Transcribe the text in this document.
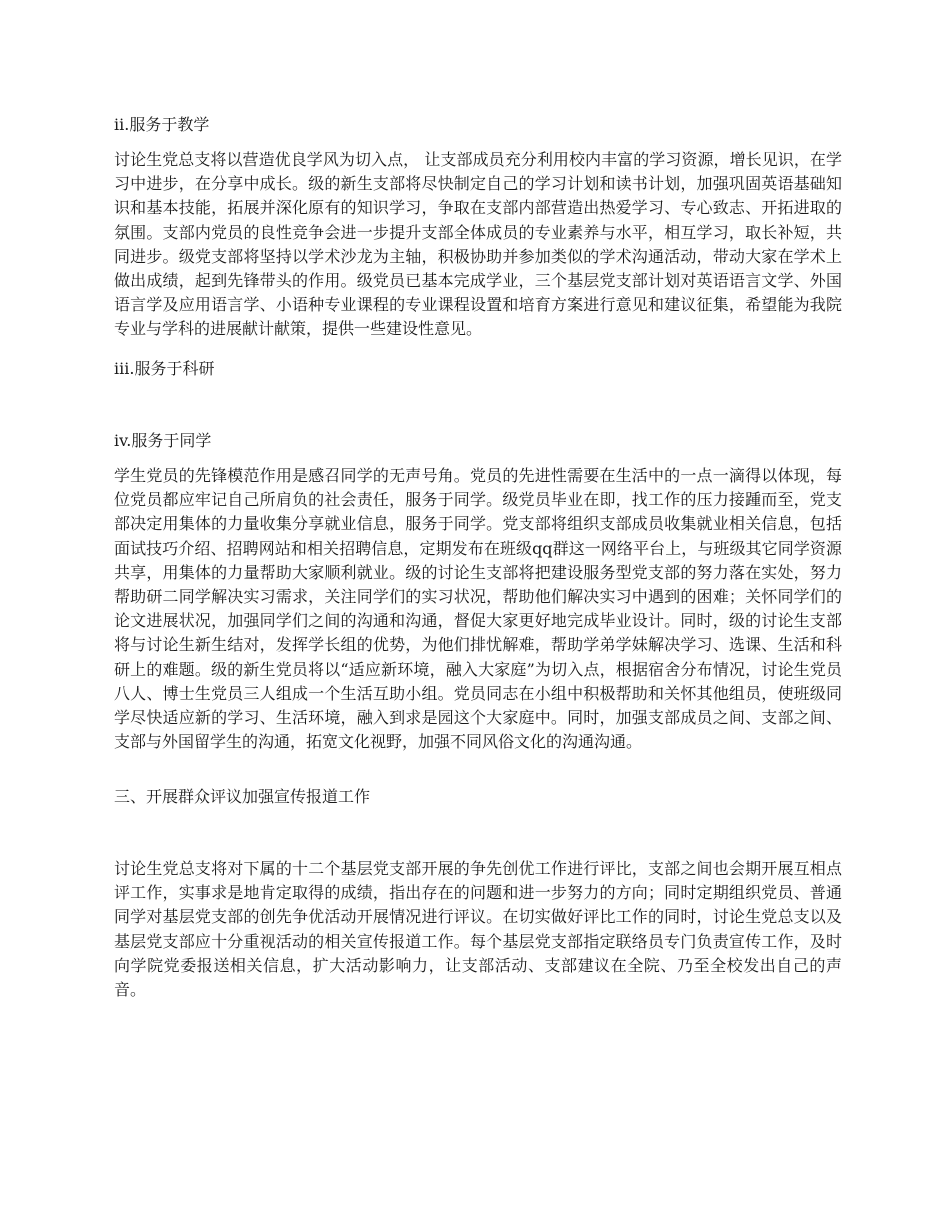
ii.服务于教学
讨论生党总支将以营造优良学风为切入点， 让支部成员充分利用校内丰富的学习资源，增长见识，在学习中进步，在分享中成长。级的新生支部将尽快制定自己的学习计划和读书计划，加强巩固英语基础知识和基本技能，拓展并深化原有的知识学习，争取在支部内部营造出热爱学习、专心致志、开拓进取的氛围。支部内党员的良性竞争会进一步提升支部全体成员的专业素养与水平，相互学习，取长补短，共同进步。级党支部将坚持以学术沙龙为主轴，积极协助并参加类似的学术沟通活动，带动大家在学术上做出成绩，起到先锋带头的作用。级党员已基本完成学业，三个基层党支部计划对英语语言文学、外国语言学及应用语言学、小语种专业课程的专业课程设置和培育方案进行意见和建议征集，希望能为我院专业与学科的进展献计献策，提供一些建设性意见。
iii.服务于科研
iv.服务于同学
学生党员的先锋模范作用是感召同学的无声号角。党员的先进性需要在生活中的一点一滴得以体现，每位党员都应牢记自己所肩负的社会责任，服务于同学。级党员毕业在即，找工作的压力接踵而至，党支部决定用集体的力量收集分享就业信息，服务于同学。党支部将组织支部成员收集就业相关信息，包括面试技巧介绍、招聘网站和相关招聘信息，定期发布在班级qq群这一网络平台上，与班级其它同学资源共享，用集体的力量帮助大家顺利就业。级的讨论生支部将把建设服务型党支部的努力落在实处，努力帮助研二同学解决实习需求，关注同学们的实习状况，帮助他们解决实习中遇到的困难；关怀同学们的论文进展状况，加强同学们之间的沟通和沟通，督促大家更好地完成毕业设计。同时，级的讨论生支部将与讨论生新生结对，发挥学长组的优势，为他们排忧解难，帮助学弟学妹解决学习、选课、生活和科研上的难题。级的新生党员将以“适应新环境，融入大家庭”为切入点，根据宿舍分布情况，讨论生党员八人、博士生党员三人组成一个生活互助小组。党员同志在小组中积极帮助和关怀其他组员，使班级同学尽快适应新的学习、生活环境，融入到求是园这个大家庭中。同时，加强支部成员之间、支部之间、支部与外国留学生的沟通，拓宽文化视野，加强不同风俗文化的沟通沟通。
三、开展群众评议加强宣传报道工作
讨论生党总支将对下属的十二个基层党支部开展的争先创优工作进行评比，支部之间也会期开展互相点评工作，实事求是地肯定取得的成绩，指出存在的问题和进一步努力的方向；同时定期组织党员、普通同学对基层党支部的创先争优活动开展情况进行评议。在切实做好评比工作的同时，讨论生党总支以及基层党支部应十分重视活动的相关宣传报道工作。每个基层党支部指定联络员专门负责宣传工作，及时向学院党委报送相关信息，扩大活动影响力，让支部活动、支部建议在全院、乃至全校发出自己的声音。
